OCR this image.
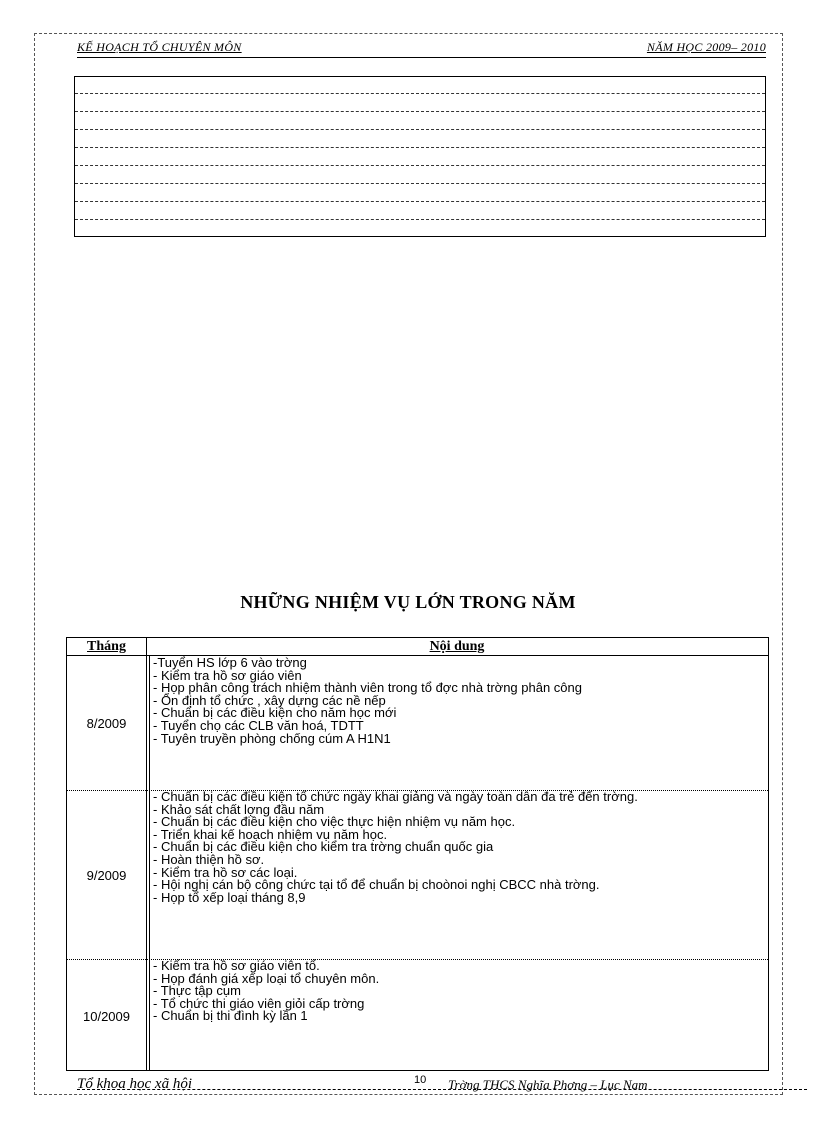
KẾ HOẠCH TỔ CHUYÊN MÔN	NĂM HỌC 2009– 2010
NHỮNG NHIỆM VỤ LỚN TRONG NĂM
Tháng	Nội dung
8/2009
-Tuyển HS lớp 6 vào trờng
- Kiểm tra hồ sơ giáo viên
- Họp phân công trách nhiệm thành viên trong tổ đợc nhà trờng phân công
- Ổn định tổ chức , xây dựng các nề nếp
- Chuẩn bị các điều kiện cho năm học mới
- Tuyển chọ các CLB văn hoá, TDTT
- Tuyên truyền phòng chống cúm A H1N1
9/2009
- Chuẩn bị các điều kiện tổ chức ngày khai giảng và ngày toàn dân đa trẻ đến trờng.
- Khảo sát chất lợng đầu năm
- Chuẩn bị các điều kiện cho việc thực hiện nhiệm vụ năm học.
- Triển khai kế hoạch nhiệm vụ năm học.
- Chuẩn bị các điều kiện cho kiểm tra trờng chuẩn quốc gia
- Hoàn thiện hồ sơ.
- Kiểm tra hồ sơ các loại.
- Hội nghị cán bộ công chức tại tổ để chuẩn bị choònoi nghị CBCC nhà trờng.
- Họp tổ xếp loại tháng 8,9
10/2009
- Kiểm tra hồ sơ giáo viên tổ.
- Họp đánh giá xếp loại tổ chuyên môn.
- Thực tập cụm
- Tổ chức thi giáo viên giỏi cấp trờng
- Chuẩn bị thi đình kỳ lần 1
Tổ khoa học xã hội	10 Trờng THCS Nghĩa Phơng – Lục Nam
